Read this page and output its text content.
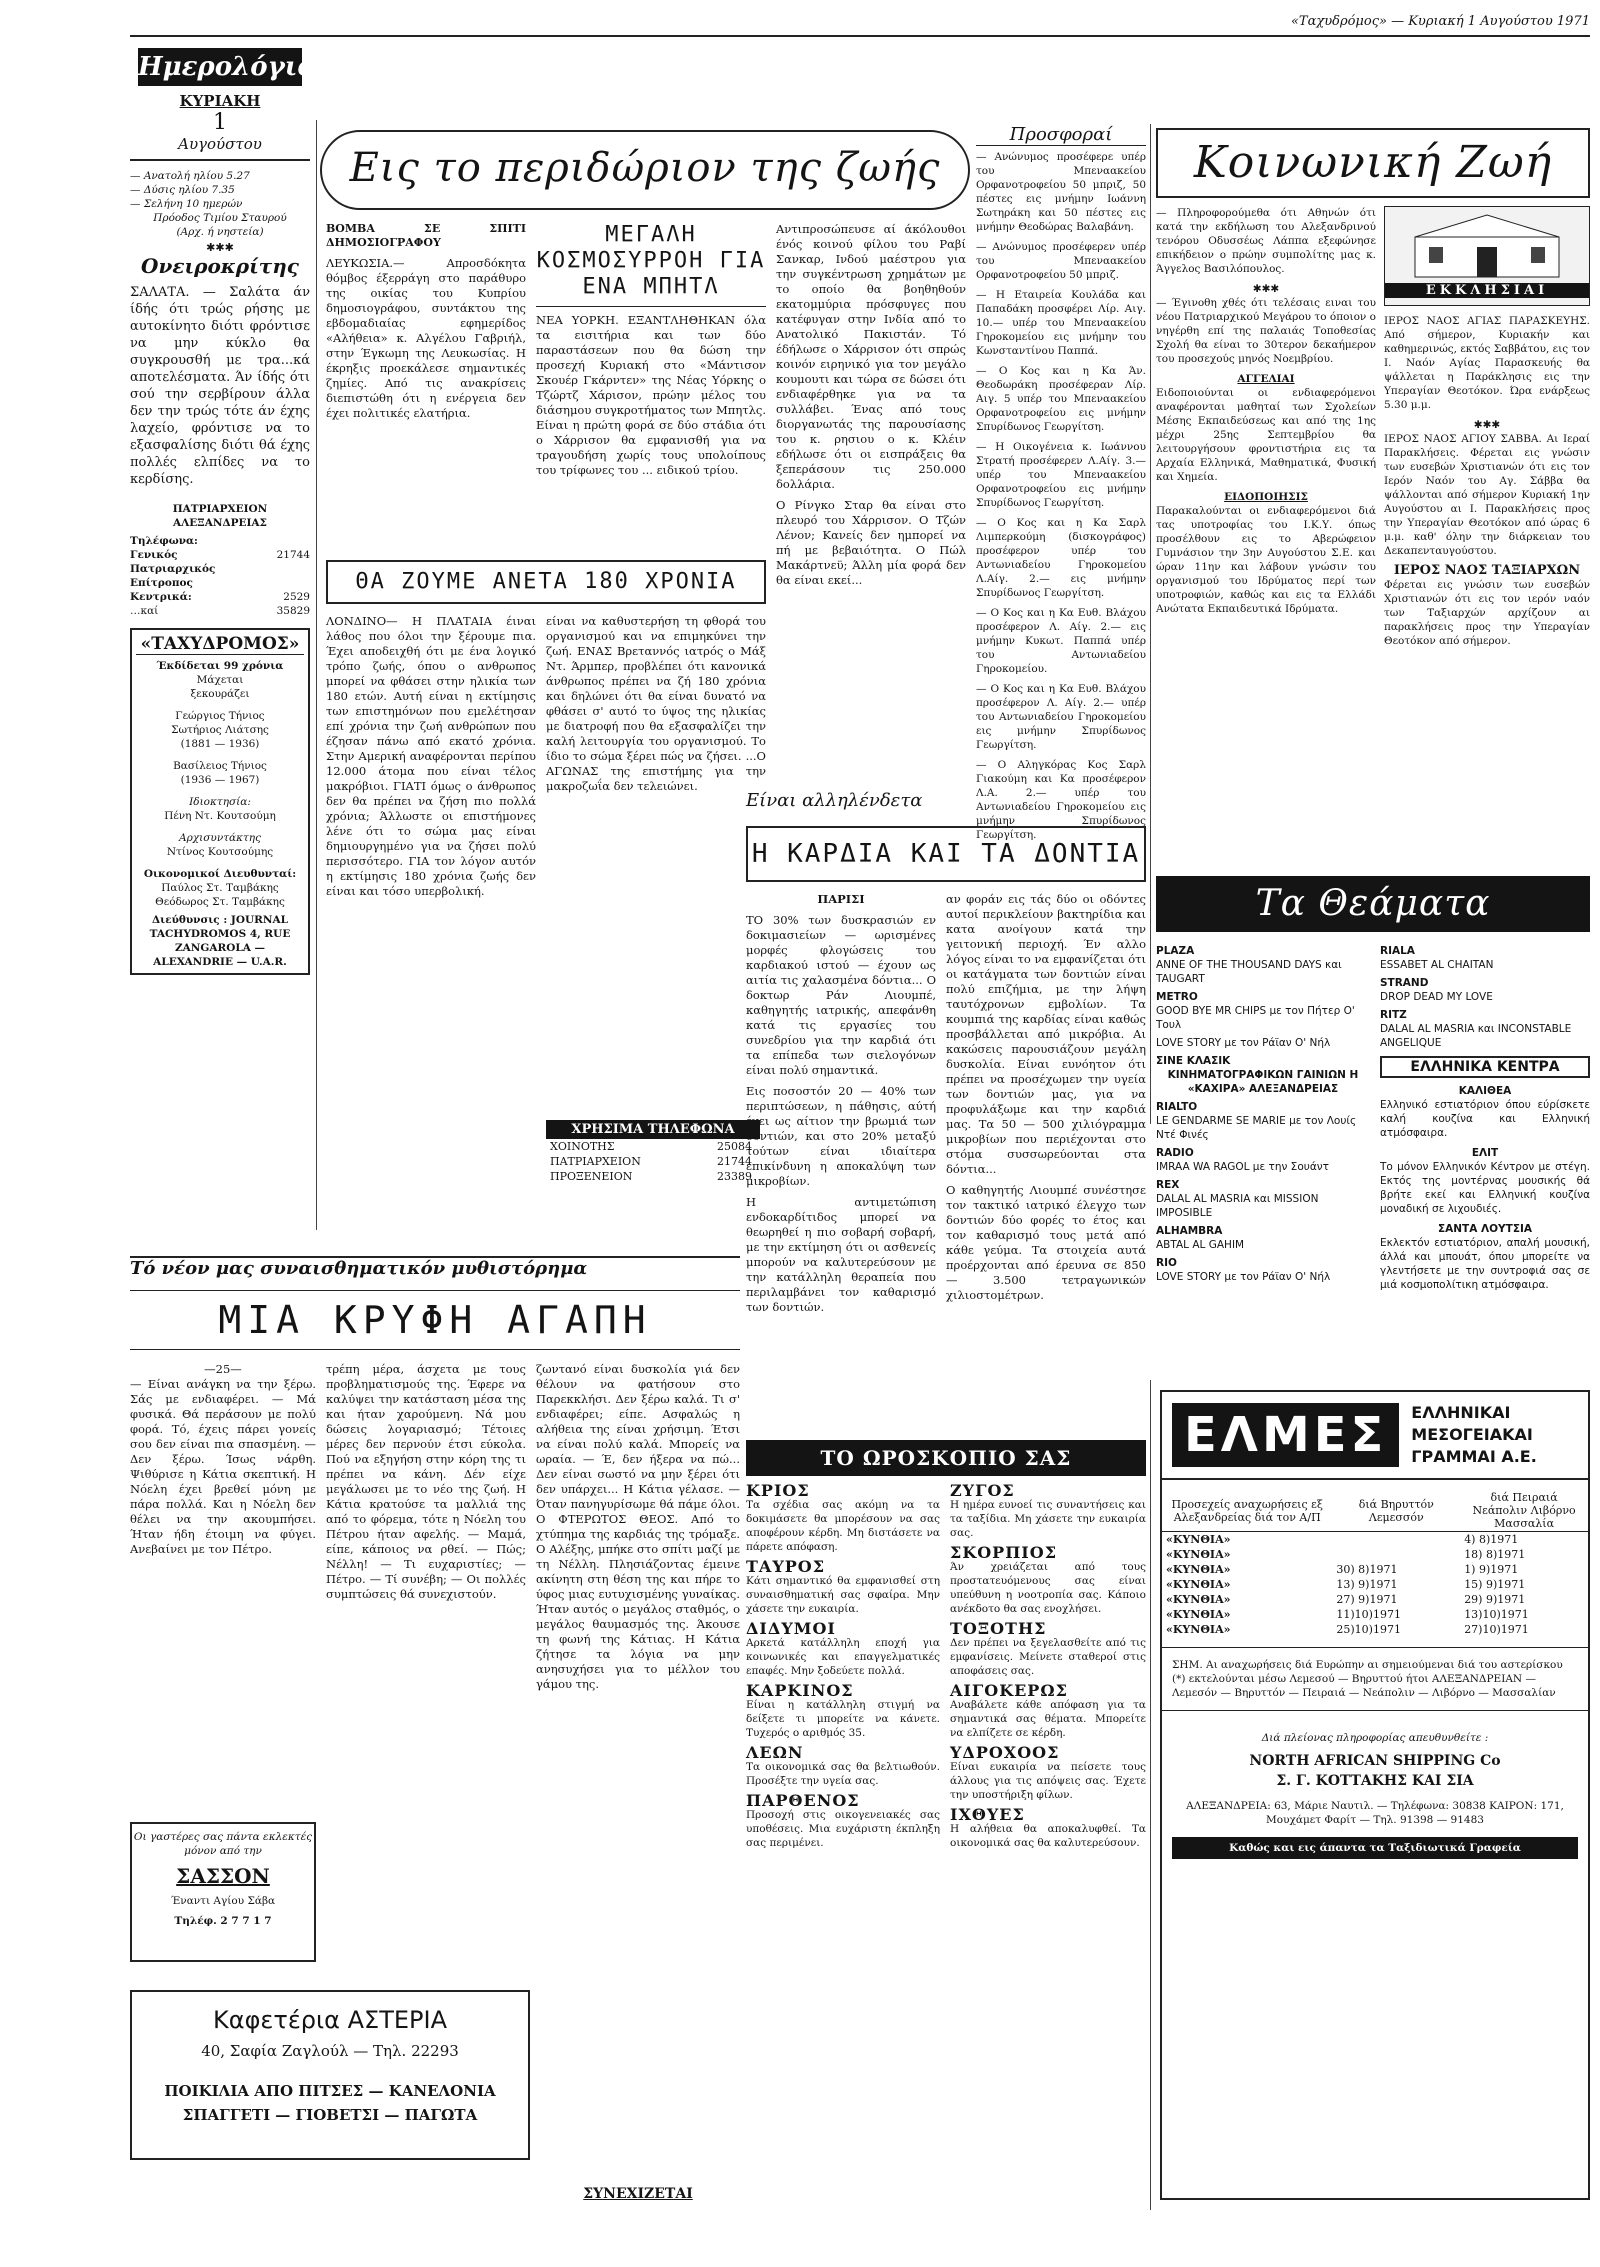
«Ταχυδρόμος» — Κυριακή 1 Αυγούστου 1971
Ημερολόγιον
ΚΥΡΙΑΚΗ
1
Αυγούστου
— Ανατολή ηλίου 5.27
— Δύσις ηλίου 7.35
— Σελήνη 10 ημερών
Πρόοδος Τιμίου Σταυρού
(Αρχ. ή νηστεία)
✱✱✱
Ονειροκρίτης
ΣΑΛΑΤΑ. — Σαλάτα άν ίδής ότι τρώς ρήσης με αυτοκίνητο διότι φρόντισε να μην κύκλο θα συγκρουσθή με τρα...κά αποτελέσματα. Άν ίδής ότι σού την σερβίρουν άλλα δεν την τρώς τότε άν έχης λαχείο, φρόντισε να το εξασφαλίσης διότι θά έχης πολλές ελπίδες να το κερδίσης.
ΠΑΤΡΙΑΡΧΕΙΟΝ ΑΛΕΞΑΝΔΡΕΙΑΣ
Τηλέφωνα:
Γενικός Πατριαρχικός Επίτροπος
21744
Κεντρικά:	2529
…καί	35829
«ΤΑΧΥΔΡΟΜΟΣ»
Έκδίδεται 99 χρόνια
Μάχεται
ξεκουράζει
Γεώργιος Τήνιος
Σωτήριος Λιάτσης
(1881 — 1936)
Βασίλειος Τήνιος
(1936 — 1967)
Ιδιοκτησία:
Πένη Ντ. Κουτσούμη
Αρχισυντάκτης
Ντίνος Κουτσούμης
Οικονομικοί Διευθυνταί:
Παύλος Στ. Ταμβάκης
Θεόδωρος Στ. Ταμβάκης
Διεύθυνσις : JOURNAL TACHYDROMOS 4, RUE ZANGAROLA — ALEXANDRIE — U.A.R.
Εις το περιδώριον της ζωής
ΒΟΜΒΑ ΣΕ ΣΠΙΤΙ ΔΗΜΟΣΙΟΓΡΑΦΟΥ
ΛΕΥΚΩΣΙΑ.— Απροσδόκητα θόμβος έξερράγη στο παράθυρο της οικίας του Κυπρίου δημοσιογράφου, συντάκτου της εβδομαδιαίας εφημερίδος «Αλήθεια» κ. Αλγέλου Γαβριήλ, στην Έγκωμη της Λευκωσίας. Η έκρηξις προεκάλεσε σημαντικές ζημίες. Από τις ανακρίσεις διεπιστώθη ότι η ενέργεια δεν έχει πολιτικές ελατήρια.
ΜΕΓΑΛΗ ΚΟΣΜΟΣΥΡΡΟΗ ΓΙΑ ΕΝΑ ΜΠΗΤΛ
ΝΕΑ ΥΟΡΚΗ. ΕΞΑΝΤΛΗΘΗΚΑΝ όλα τα εισιτήρια και των δύο παραστάσεων που θα δώση την προσεχή Κυριακή στο «Μάντισον Σκουέρ Γκάρντεν» της Νέας Υόρκης ο Τζώρτζ Χάρισον, πρώην μέλος του διάσημου συγκροτήματος των Μπητλς. Είναι η πρώτη φορά σε δύο στάδια ότι ο Χάρρισον θα εμφανισθή για να τραγουδήση χωρίς τους υπολοίπους του τρίφωνες του ... ειδικού τρίου.

Αντιπροσώπευσε αί άκόλουθοι ένός κοινού φίλου του Ραβί Σανκαρ, Ινδού μαέστρου για την συγκέντρωση χρημάτων με το οποίο θα βοηθηθούν εκατομμύρια πρόσφυγες που κατέφυγαν στην Ινδία από το Ανατολικό Πακιστάν. Τό έδήλωσε ο Χάρρισον ότι σπρώς κοινόν ειρηνικό για τον μεγάλο κουμουτι και τώρα σε δώσει ότι ενδιαφέρθηκε για να τα συλλάβει. Ένας από τους διοργανωτάς της παρουσίασης του κ. ρησιου ο κ. Κλέιν εδήλωσε ότι οι εισπράξεις θα ξεπεράσουν τις 250.000 δολλάρια.

Ο Ρίνγκο Σταρ θα είναι στο πλευρό του Χάρρισον. Ο Τζών Λένον; Κανείς δεν ημπορεί να πή με βεβαιότητα. Ο Πώλ Μακάρτνεϋ; Άλλη μία φορά δεν θα είναι εκεί...

ΘΑ ΖΟΥΜΕ ΑΝΕΤΑ 180 ΧΡΟΝΙΑ
ΛΟΝΔΙΝΟ— Η ΠΛΑΤΑΙΑ έιναι λάθος που όλοι την ξέρουμε πια. Έχει αποδειχθή ότι με ένα λογικό τρόπο ζωής, όπου ο ανθρωπος μπορεί να φθάσει στην ηλικία των 180 ετών. Αυτή είναι η εκτίμησις των επιστημόνων που εμελέτησαν επί χρόνια την ζωή ανθρώπων που έζησαν πάνω από εκατό χρόνια. Στην Αμερική αναφέρονται περίπου 12.000 άτομα που είναι τέλος μακρόβιοι. ΓΙΑΤΙ όμως ο άνθρωπος δεν θα πρέπει να ζήση πιο πολλά χρόνια; Άλλωστε οι επιστήμονες λένε ότι το σώμα μας είναι δημιουργημένο για να ζήσει πολύ περισσότερο. ΓΙΑ τον λόγον αυτόν η εκτίμησις 180 χρόνια ζωής δεν είναι και τόσο υπερβολική.
είναι να καθυστερήση τη φθορά του οργανισμού και να επιμηκύνει την ζωή. ΕΝΑΣ Βρεταννός ιατρός ο Μάξ Ντ. Άρμπερ, προβλέπει ότι κανονικά άνθρωπος πρέπει να ζή 180 χρόνια και δηλώνει ότι θα είναι δυνατό να φθάσει σ' αυτό το ύψος της ηλικίας με διατροφή που θα εξασφαλίζει την καλή λειτουργία του οργανισμού. Το ίδιο το σώμα ξέρει πώς να ζήσει. ...Ο ΑΓΩΝΑΣ της επιστήμης για την μακροζωΐα δεν τελειώνει.
ΧΡΗΣΙΜΑ ΤΗΛΕΦΩΝΑ
ΧΟΙΝΟΤΗΣ	25084
ΠΑΤΡΙΑΡΧΕΙΟΝ	21744
ΠΡΟΞΕΝΕΙΟΝ	23389
Προσφοραί

— Ανώνυμος προσέφερε υπέρ του Μπεναακείου Ορφανοτροφείου 50 μπριζ, 50 πέστες εις μνήμην Ιωάννη Σωτηράκη και 50 πέστες εις μνήμην Θεοδώρας Βαλαβάνη.

— Ανώνυμος προσέφερεν υπέρ του Μπεναακείου Ορφανοτροφείου 50 μπριζ.

— Η Εταιρεία Κουλάδα και Παπαδάκη προσφέρει Λίρ. Αιγ. 10.— υπέρ του Μπεναακείου Γηροκομείου εις μνήμην του Κωνσταντίνου Παππά.

— Ο Κος και η Κα Άν. Θεοδωράκη προσέφεραν Λίρ. Αιγ. 5 υπέρ του Μπεναακείου Ορφανοτροφείου εις μνήμην Σπυρίδωνος Γεωργίτση.

— Η Οικογένεια κ. Ιωάννου Στρατή προσέφερεν Λ.Αίγ. 3.— υπέρ του Μπεναακείου Ορφανοτροφείου εις μνήμην Σπυρίδωνος Γεωργίτση.

— Ο Κος και η Κα Σαρλ Λιμπερκούμη (δισκογράφος) προσέφερον υπέρ του Αντωνιαδείου Γηροκομείου Λ.Αίγ. 2.— εις μνήμην Σπυρίδωνος Γεωργίτση.

— Ο Κος και η Κα Ευθ. Βλάχου προσέφερον Λ. Αίγ. 2.— εις μνήμην Κυκωτ. Παππά υπέρ του Αντωνιαδείου Γηροκομείου.

— Ο Κος και η Κα Ευθ. Βλάχου προσέφερον Λ. Αίγ. 2.— υπέρ του Αντωνιαδείου Γηροκομείου εις μνήμην Σπυρίδωνος Γεωργίτση.

— Ο Αληγκόρας Κος Σαρλ Γιακούμη και Κα προσέφερον Λ.Α. 2.— υπέρ του Αντωνιαδείου Γηροκομείου εις μνήμην Σπυρίδωνος Γεωργίτση.

Κοινωνική Ζωή

— Πληροφορούμεθα ότι Αθηνών ότι κατά την εκδήλωση του Αλεξανδρινού τενόρου Οδυσσέως Λάππα εξεφώνησε επικήδειον ο πρώην συμπολίτης μας κ. Άγγελος Βασιλόπουλος.

✱✱✱

— Έγινοθη χθές ότι τελέσαις ειναι του νέου Πατριαρχικού Μεγάρου το όποιον ο νηγέρθη επί της παλαιάς Τοποθεσίας Σχολή θα είναι το 30τερον δεκαήμερον του προσεχούς μηνός Νοεμβρίου.

ΑΓΓΕΛΙΑΙ

Ειδοποιούνται οι ενδιαφερόμενοι αναφέρονται μαθηταί των Σχολείων Μέσης Εκπαιδεύσεως και από της 1ης μέχρι 25ης Σεπτεμβρίου θα λειτουργήσουν φροντιστήρια εις τα Αρχαία Ελληνικά, Μαθηματικά, Φυσική και Χημεία.

ΕΙΔΟΠΟΙΗΣΙΣ

Παρακαλούνται οι ενδιαφερόμενοι διά τας υποτροφίας του Ι.Κ.Υ. όπως προσέλθουν εις το Αβερώφειον Γυμνάσιον την 3ην Αυγούστου Σ.Ε. και ώραν 11ην και λάβουν γνώσιν του οργανισμού του Ιδρύματος περί των υποτροφιών, καθώς και εις τα Ελλάδι Ανώτατα Εκπαιδευτικά Ιδρύματα.

ΕΚΚΛΗΣΙΑΙ

ΙΕΡΟΣ ΝΑΟΣ ΑΓΙΑΣ ΠΑΡΑΣΚΕΥΗΣ. Από σήμερον, Κυριακήν και καθημερινώς, εκτός Σαββάτου, εις τον Ι. Ναόν Αγίας Παρασκευής θα ψάλλεται η Παράκλησις εις την Υπεραγίαν Θεοτόκον. Ώρα ενάρξεως 5.30 μ.μ.

✱✱✱

ΙΕΡΟΣ ΝΑΟΣ ΑΓΙΟΥ ΣΑΒΒΑ. Αι Ιεραί Παρακλήσεις. Φέρεται εις γνώσιν των ευσεβών Χριστιανών ότι εις τον Ιερόν Ναόν του Αγ. Σάββα θα ψάλλονται από σήμερον Κυριακή 1ην Αυγούστου αι Ι. Παρακλήσεις προς την Υπεραγίαν Θεοτόκον από ώρας 6 μ.μ. καθ' όλην την διάρκειαν του Δεκαπενταυγούστου.

ΙΕΡΟΣ ΝΑΟΣ ΤΑΞΙΑΡΧΩΝ

Φέρεται εις γνώσιν των ευσεβών Χριστιανών ότι εις τον ιερόν ναόν των Ταξιαρχών αρχίζουν αι παρακλήσεις προς την Υπεραγίαν Θεοτόκον από σήμερον.

Είναι αλληλένδετα
Η ΚΑΡΔΙΑ ΚΑΙ ΤΑ ΔΟΝΤΙΑ
ΠΑΡΙΣΙ

ΤΟ 30% των δυσκρασιών εν δοκιμασιείων — ωρισμένες μορφές φλογώσεις του καρδιακού ιστού — έχουν ως αιτία τις χαλασμένα δόντια... Ο δοκτωρ Ράν Λιουμπέ, καθηγητής ιατρικής, απεφάνθη κατά τις εργασίες του συνεδρίου για την καρδιά ότι τα επίπεδα των σιελογόνων είναι πολύ σημαντικά.

Εις ποσοστόν 20 — 40% των περιπτώσεων, η πάθησις, αύτή έχει ως αίτιον την βρωμιά των δοντιών, και στο 20% μεταξύ τούτων είναι ιδιαίτερα επικίνδυνη η αποκαλύψη των μικροβίων.

Η αντιμετώπιση ενδοκαρδίτιδος μπορεί να θεωρηθεί η πιο σοβαρή σοβαρή, με την εκτίμηση ότι οι ασθενείς μπορούν να καλυτερεύσουν με την κατάλληλη θεραπεία που περιλαμβάνει τον καθαρισμό των δοντιών.

αν φοράν εις τάς δύο οι οδόντες αυτοί περικλείουν βακτηρίδια και κατα ανοίγουν κατά την γειτονική περιοχή. Έν αλλο λόγος είναι το να εμφανίζεται ότι οι κατάγματα των δοντιών είναι πολύ επιζήμια, με την λήψη ταυτόχρονων εμβολίων. Τα κουμπιά της καρδίας είναι καθώς προσβάλλεται από μικρόβια. Αι κακώσεις παρουσιάζουν μεγάλη δυσκολία. Είναι ευνόητον ότι πρέπει να προσέχωμεν την υγεία των δοντιών μας, για να προφυλάξωμε και την καρδιά μας. Τα 50 — 500 χιλιόγραμμα μικροβίων που περιέχονται στο στόμα συσσωρεύονται στα δόντια...

Ο καθηγητής Λιουμπέ συνέστησε τον τακτικό ιατρικό έλεγχο των δοντιών δύο φορές το έτος και τον καθαρισμό τους μετά από κάθε γεύμα. Τα στοιχεία αυτά προέρχονται από έρευνα σε 850 — 3.500 τετραγωνικών χιλιοστομέτρων.

Τα Θεάματα
PLAZA
ANNE OF THE THOUSAND DAYS και TAUGART
METRO
GOOD BYE MR CHIPS με τον Πήτερ Ο' Τουλ
LOVE STORY με τον Ράϊαν Ο' Νήλ
ΣΙΝΕ ΚΛΑΣΙΚ
ΚΙΝΗΜΑΤΟΓΡΑΦΙΚΩΝ ΓΑΙΝΙΩΝ Η «ΚΑΧΙΡΑ» ΑΛΕΞΑΝΔΡΕΙΑΣ
RIALTO
LE GENDARME SE MARIE με τον Λουίς Ντέ Φινές
RADIO
IMRAA WA RAGOL με την Σουάντ
REX
DALAL AL MASRIA και MISSION IMPOSIBLE
ALHAMBRA
ABTAL AL GAHIM
RIO
LOVE STORY με τον Ράϊαν Ο' Νήλ
RIALA
ESSABET AL CHAITAN
STRAND
DROP DEAD MY LOVE
RITZ
DALAL AL MASRIA και INCONSTABLE ANGELIQUE
ΕΛΛΗΝΙΚΑ ΚΕΝΤΡΑ
ΚΑΛΙΘΕΑ

Ελληνικό εστιατόριον όπου εύρίσκετε καλή κουζίνα και Ελληνική ατμόσφαιρα.

ΕΛΙΤ

Το μόνον Ελληνικόν Κέντρον με στέγη. Εκτός της μοντέρνας μουσικής θά βρήτε εκεί και Ελληνική κουζίνα μοναδική σε λιχουδιές.

ΣΑΝΤΑ ΛΟΥΤΣΙΑ

Εκλεκτόν εστιατόριον, απαλή μουσική, άλλά και μπουάτ, όπου μπορείτε να γλεντήσετε με την συντροφιά σας σε μιά κοσμοπολίτικη ατμόσφαιρα.

Τό νέον μας συναισθηματικόν μυθιστόρημα
ΜΙΑ ΚΡΥΦΗ ΑΓΑΠΗ
—25—

— Είναι ανάγκη να την ξέρω. Σάς με ενδιαφέρει. — Μά φυσικά. Θά περάσουν με πολύ φορά. Τό, έχεις πάρει γονείς σου δεν είναι πια σπασμένη. — Δεν ξέρω. Ίσως νάρθη. Ψιθύρισε η Κάτια σκεπτική. Η Νόελη έχει βρεθεί μόνη με πάρα πολλά. Και η Νόελη δεν θέλει να την ακουμπήσει. Ήταν ήδη έτοιμη να φύγει. Ανεβαίνει με τον Πέτρο.

τρέπη μέρα, άσχετα με τους προβληματισμούς της. Έφερε να καλύψει την κατάσταση μέσα της και ήταν χαρούμενη. Νά μου δώσεις λογαριασμό; Τέτοιες μέρες δεν περνούν έτσι εύκολα. Πού να εξηγήση στην κόρη της τι πρέπει να κάνη. Δέν είχε μεγάλωσει με το νέο της ζωή. Η Κάτια κρατούσε τα μαλλιά της από το φόρεμα, τότε η Νόελη του Πέτρου ήταν αφελής. — Μαμά, είπε, κάποιος να ρθεί. — Πώς; Νέλλη! — Τι ευχαριστίες; — Πέτρο. — Τί συνέβη; — Οι πολλές συμπτώσεις θά συνεχιστούν.
ζωντανό είναι δυσκολία γιά δεν θέλουν να φατήσουν στο Παρεκκλήσι. Δεν ξέρω καλά. Τι σ' ενδιαφέρει; είπε. Ασφαλώς η αλήθεια της είναι χρήσιμη. Έτσι να είναι πολύ καλά. Μπορείς να ωραία. — Έ, δεν ήξερα να πώ... Δεν είναι σωστό να μην ξέρει ότι δεν υπάρχει... Η Κάτια γέλασε. — Όταν πανηγυρίσωμε θά πάμε όλοι. Ο ΦΤΕΡΩΤΟΣ ΘΕΟΣ. Από το χτύπημα της καρδιάς της τρόμαξε. Ο Αλέξης, μπήκε στο σπίτι μαζί με τη Νέλλη. Πλησιάζοντας έμεινε ακίνητη στη θέση της και πήρε το ύφος μιας ευτυχισμένης γυναίκας. Ήταν αυτός ο μεγάλος σταθμός, ο μεγάλος θαυμασμός της. Άκουσε τη φωνή της Κάτιας. Η Κάτια ζήτησε τα λόγια να μην ανησυχήσει για το μέλλον του γάμου της.
ΣΥΝΕΧΙΖΕΤΑΙ
Οι γαστέρες σας πάντα εκλεκτές μόνον από την
ΣΑΣΣΟΝ
Έναντι Αγίου Σάβα
Τηλέφ. 2 7 7 1 7
Καφετέρια ΑΣΤΕΡΙΑ
40, Σαφία Ζαγλούλ — Τηλ. 22293
ΠΟΙΚΙΛΙΑ ΑΠΟ ΠΙΤΣΕΣ — ΚΑΝΕΛΟΝΙΑ
ΣΠΑΓΓΕΤΙ — ΓΙΟΒΕΤΣΙ — ΠΑΓΩΤΑ
ΤΟ ΩΡΟΣΚΟΠΙΟ ΣΑΣ
ΚΡΙΟΣ

Τα σχέδια σας ακόμη να τα δοκιμάσετε θα μπορέσουν να σας αποφέρουν κέρδη. Μη διστάσετε να πάρετε απόφαση.

ΤΑΥΡΟΣ

Κάτι σημαντικό θα εμφανισθεί στη συναισθηματική σας σφαίρα. Μην χάσετε την ευκαιρία.

ΔΙΔΥΜΟΙ

Αρκετά κατάλληλη εποχή για κοινωνικές και επαγγελματικές επαφές. Μην ξοδεύετε πολλά.

ΚΑΡΚΙΝΟΣ

Είναι η κατάλληλη στιγμή να δείξετε τι μπορείτε να κάνετε. Τυχερός ο αριθμός 35.

ΛΕΩΝ

Τα οικονομικά σας θα βελτιωθούν. Προσέξτε την υγεία σας.

ΠΑΡΘΕΝΟΣ

Προσοχή στις οικογενειακές σας υποθέσεις. Μια ευχάριστη έκπληξη σας περιμένει.

ΖΥΓΟΣ

Η ημέρα ευνοεί τις συναντήσεις και τα ταξίδια. Μη χάσετε την ευκαιρία σας.

ΣΚΟΡΠΙΟΣ

Άν χρειάζεται από τους προστατευόμενους σας είναι υπεύθυνη η νοοτροπία σας. Κάποιο ανέκδοτο θα σας ενοχλήσει.

ΤΟΞΟΤΗΣ

Δεν πρέπει να ξεγελασθείτε από τις εμφανίσεις. Μείνετε σταθεροί στις αποφάσεις σας.

ΑΙΓΟΚΕΡΩΣ

Αναβάλετε κάθε απόφαση για τα σημαντικά σας θέματα. Μπορείτε να ελπίζετε σε κέρδη.

ΥΔΡΟΧΟΟΣ

Είναι ευκαιρία να πείσετε τους άλλους για τις απόψεις σας. Έχετε την υποστήριξη φίλων.

ΙΧΘΥΕΣ

Η αλήθεια θα αποκαλυφθεί. Τα οικονομικά σας θα καλυτερεύσουν.

ΕΛΜΕΣ	ΕΛΛΗΝΙΚΑΙ ΜΕΣΟΓΕΙΑΚΑΙ ΓΡΑΜΜΑΙ Α.Ε.
Προσεχείς αναχωρήσεις εξ Αλεξανδρείας διά τον Α/Π	διά Βηρυττόν Λεμεσσόν	διά Πειραιά Νεάπολιν Λιβόρνο Μασσαλία
«ΚΥΝΘΙΑ»		4) 8)1971
«ΚΥΝΘΙΑ»		18) 8)1971
«ΚΥΝΘΙΑ»	30) 8)1971	1) 9)1971
«ΚΥΝΘΙΑ»	13) 9)1971	15) 9)1971
«ΚΥΝΘΙΑ»	27) 9)1971	29) 9)1971
«ΚΥΝΘΙΑ»	11)10)1971	13)10)1971
«ΚΥΝΘΙΑ»	25)10)1971	27)10)1971
ΣΗΜ. Αι αναχωρήσεις διά Ευρώπην αι σημειούμεναι διά του αστερίσκου (*) εκτελούνται μέσω Λεμεσού — Βηρυττού ήτοι ΑΛΕΞΑΝΔΡΕΙΑΝ — Λεμεσόν — Βηρυττόν — Πειραιά — Νεάπολιν — Λιβόρνο — Μασσαλίαν
Διά πλείονας πληροφορίας απευθυνθείτε :
NORTH AFRICAN SHIPPING Co
Σ. Γ. ΚΟΤΤΑΚΗΣ ΚΑΙ ΣΙΑ
ΑΛΕΞΑΝΔΡΕΙΑ: 63, Μάριε Ναυτιλ. — Τηλέφωνα: 30838 ΚΑΙΡΟΝ: 171, Μουχάμετ Φαρίτ — Τηλ. 91398 — 91483
Καθώς και εις άπαντα τα Ταξιδιωτικά Γραφεία
